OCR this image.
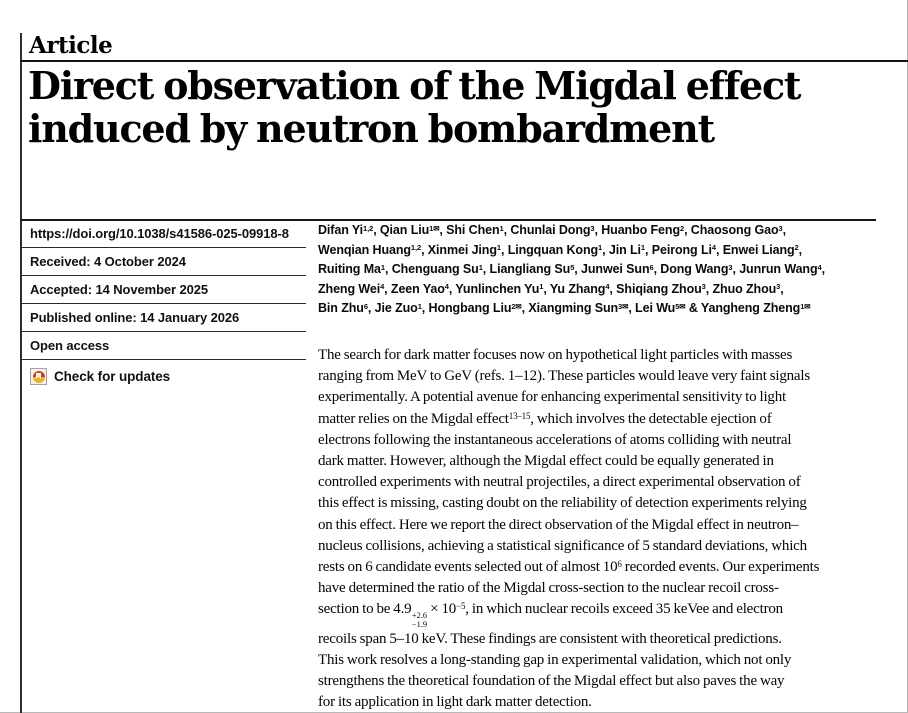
Article
Direct observation of the Migdal effect
induced by neutron bombardment
https://doi.org/10.1038/s41586-025-09918-8
Received: 4 October 2024
Accepted: 14 November 2025
Published online: 14 January 2026
Open access
Check for updates
Difan Yi$^{1,2}$, Qian Liu$^{1✉}$, Shi Chen$^1$, Chunlai Dong$^3$, Huanbo Feng$^2$, Chaosong Gao$^3$,
Wenqian Huang$^{1,2}$, Xinmei Jing$^1$, Lingquan Kong$^1$, Jin Li$^1$, Peirong Li$^4$, Enwei Liang$^2$,
Ruiting Ma$^1$, Chenguang Su$^1$, Liangliang Su$^5$, Junwei Sun$^6$, Dong Wang$^3$, Junrun Wang$^4$,
Zheng Wei$^4$, Zeen Yao$^4$, Yunlinchen Yu$^1$, Yu Zhang$^4$, Shiqiang Zhou$^3$, Zhuo Zhou$^3$,
Bin Zhu$^6$, Jie Zuo$^1$, Hongbang Liu$^{2✉}$, Xiangming Sun$^{3✉}$, Lei $Wu^{5✉}$ & Yangheng Zheng$^{1✉}$
The search for dark matter focuses now on hypothetical light particles with masses
ranging from MeV to GeV (refs. 1–12). These particles would leave very faint signals
experimentally. A potential avenue for enhancing experimental sensitivity to light
matter relies on the Migdal effect$^{13-15}$, which involves the detectable ejection of
electrons following the instantaneous accelerations of atoms colliding with neutral
dark matter. However, although the Migdal effect could be equally generated in
controlled experiments with neutral projectiles, a direct experimental observation of
this effect is missing, casting doubt on the reliability of detection experiments relying
on this effect. Here we report the direct observation of the Migdal effect in neutron–
nucleus collisions, achieving a statistical significance of 5 standard deviations, which
rests on 6 candidate events selected out of almost $10^6$ recorded events. Our experiments
have determined the ratio of the Migdal cross-section to the nuclear recoil cross-
section to be 4.9 +2.6
−1.9
× $10^{-5}$, in which nuclear recoils exceed 35 keVee and electron
recoils span 5–10 keV. These findings are consistent with theoretical predictions.
This work resolves a long-standing gap in experimental validation, which not only
strengthens the theoretical foundation of the Migdal effect but also paves the way
for its application in light dark matter detection.
